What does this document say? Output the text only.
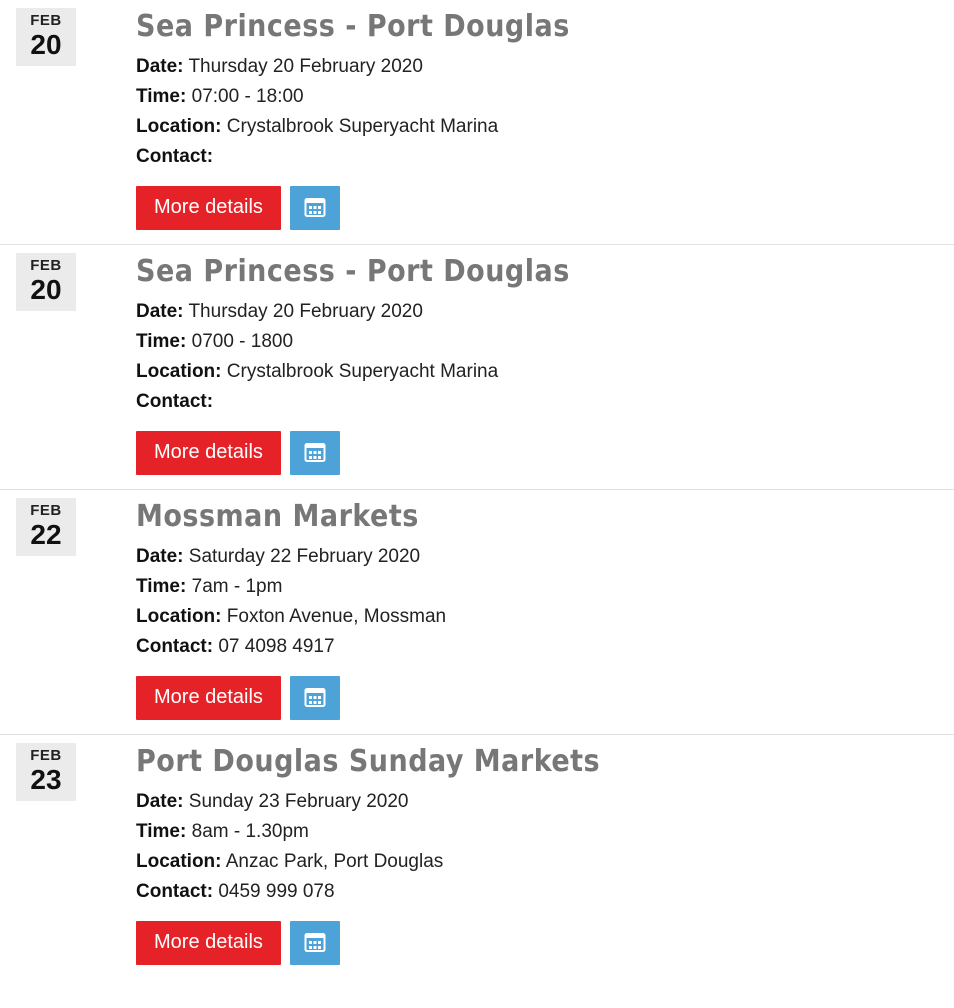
FEB
20
Sea Princess - Port Douglas
Date: Thursday 20 February 2020
Time: 07:00 - 18:00
Location: Crystalbrook Superyacht Marina
Contact:
More details
FEB
20
Sea Princess - Port Douglas
Date: Thursday 20 February 2020
Time: 0700 - 1800
Location: Crystalbrook Superyacht Marina
Contact:
More details
FEB
22
Mossman Markets
Date: Saturday 22 February 2020
Time: 7am - 1pm
Location: Foxton Avenue, Mossman
Contact: 07 4098 4917
More details
FEB
23
Port Douglas Sunday Markets
Date: Sunday 23 February 2020
Time: 8am - 1.30pm
Location: Anzac Park, Port Douglas
Contact: 0459 999 078
More details
